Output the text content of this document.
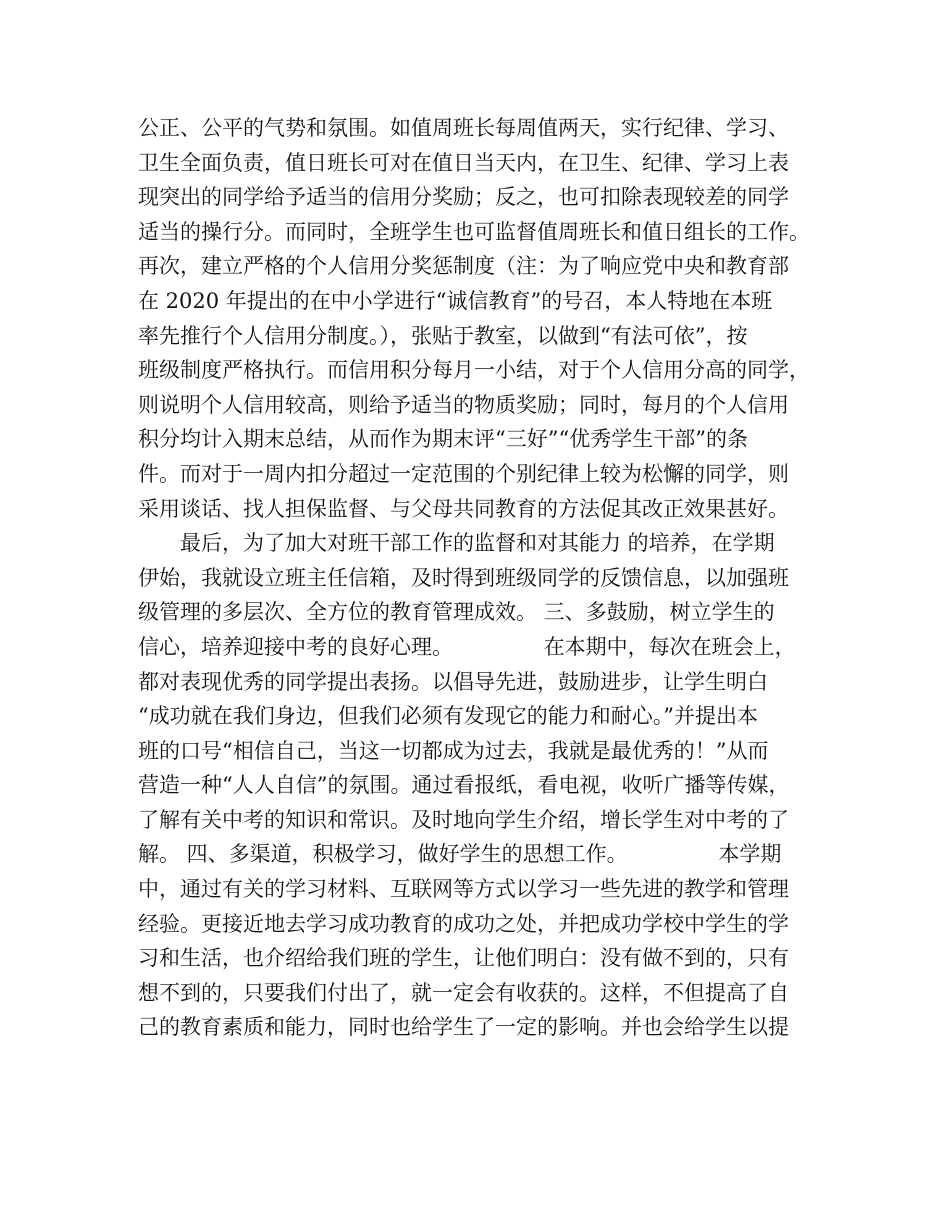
公正、公平的气势和氛围。如值周班长每周值两天，实行纪律、学习、
卫生全面负责，值日班长可对在值日当天内，在卫生、纪律、学习上表
现突出的同学给予适当的信用分奖励；反之，也可扣除表现较差的同学
适当的操行分。而同时，全班学生也可监督值周班长和值日组长的工作。
再次，建立严格的个人信用分奖惩制度（注：为了响应党中央和教育部
在 2020 年提出的在中小学进行“诚信教育”的号召，本人特地在本班
率先推行个人信用分制度。），张贴于教室，以做到“有法可依”，按
班级制度严格执行。而信用积分每月一小结，对于个人信用分高的同学，
则说明个人信用较高，则给予适当的物质奖励；同时，每月的个人信用
积分均计入期末总结，从而作为期末评“三好”“优秀学生干部”的条
件。而对于一周内扣分超过一定范围的个别纪律上较为松懈的同学，则
采用谈话、找人担保监督、与父母共同教育的方法促其改正效果甚好。
　　最后，为了加大对班干部工作的监督和对其能力 的培养，在学期
伊始，我就设立班主任信箱，及时得到班级同学的反馈信息，以加强班
级管理的多层次、全方位的教育管理成效。 三、多鼓励，树立学生的
信心，培养迎接中考的良好心理。 　　　　在本期中，每次在班会上，
都对表现优秀的同学提出表扬。以倡导先进，鼓励进步，让学生明白
“成功就在我们身边，但我们必须有发现它的能力和耐心。”并提出本
班的口号“相信自己，当这一切都成为过去，我就是最优秀的！”从而
营造一种“人人自信”的氛围。通过看报纸，看电视，收听广播等传媒，
了解有关中考的知识和常识。及时地向学生介绍，增长学生对中考的了
解。 四、多渠道，积极学习，做好学生的思想工作。 　　　　本学期
中，通过有关的学习材料、互联网等方式以学习一些先进的教学和管理
经验。更接近地去学习成功教育的成功之处，并把成功学校中学生的学
习和生活，也介绍给我们班的学生，让他们明白：没有做不到的，只有
想不到的，只要我们付出了，就一定会有收获的。这样，不但提高了自
己的教育素质和能力，同时也给学生了一定的影响。并也会给学生以提
